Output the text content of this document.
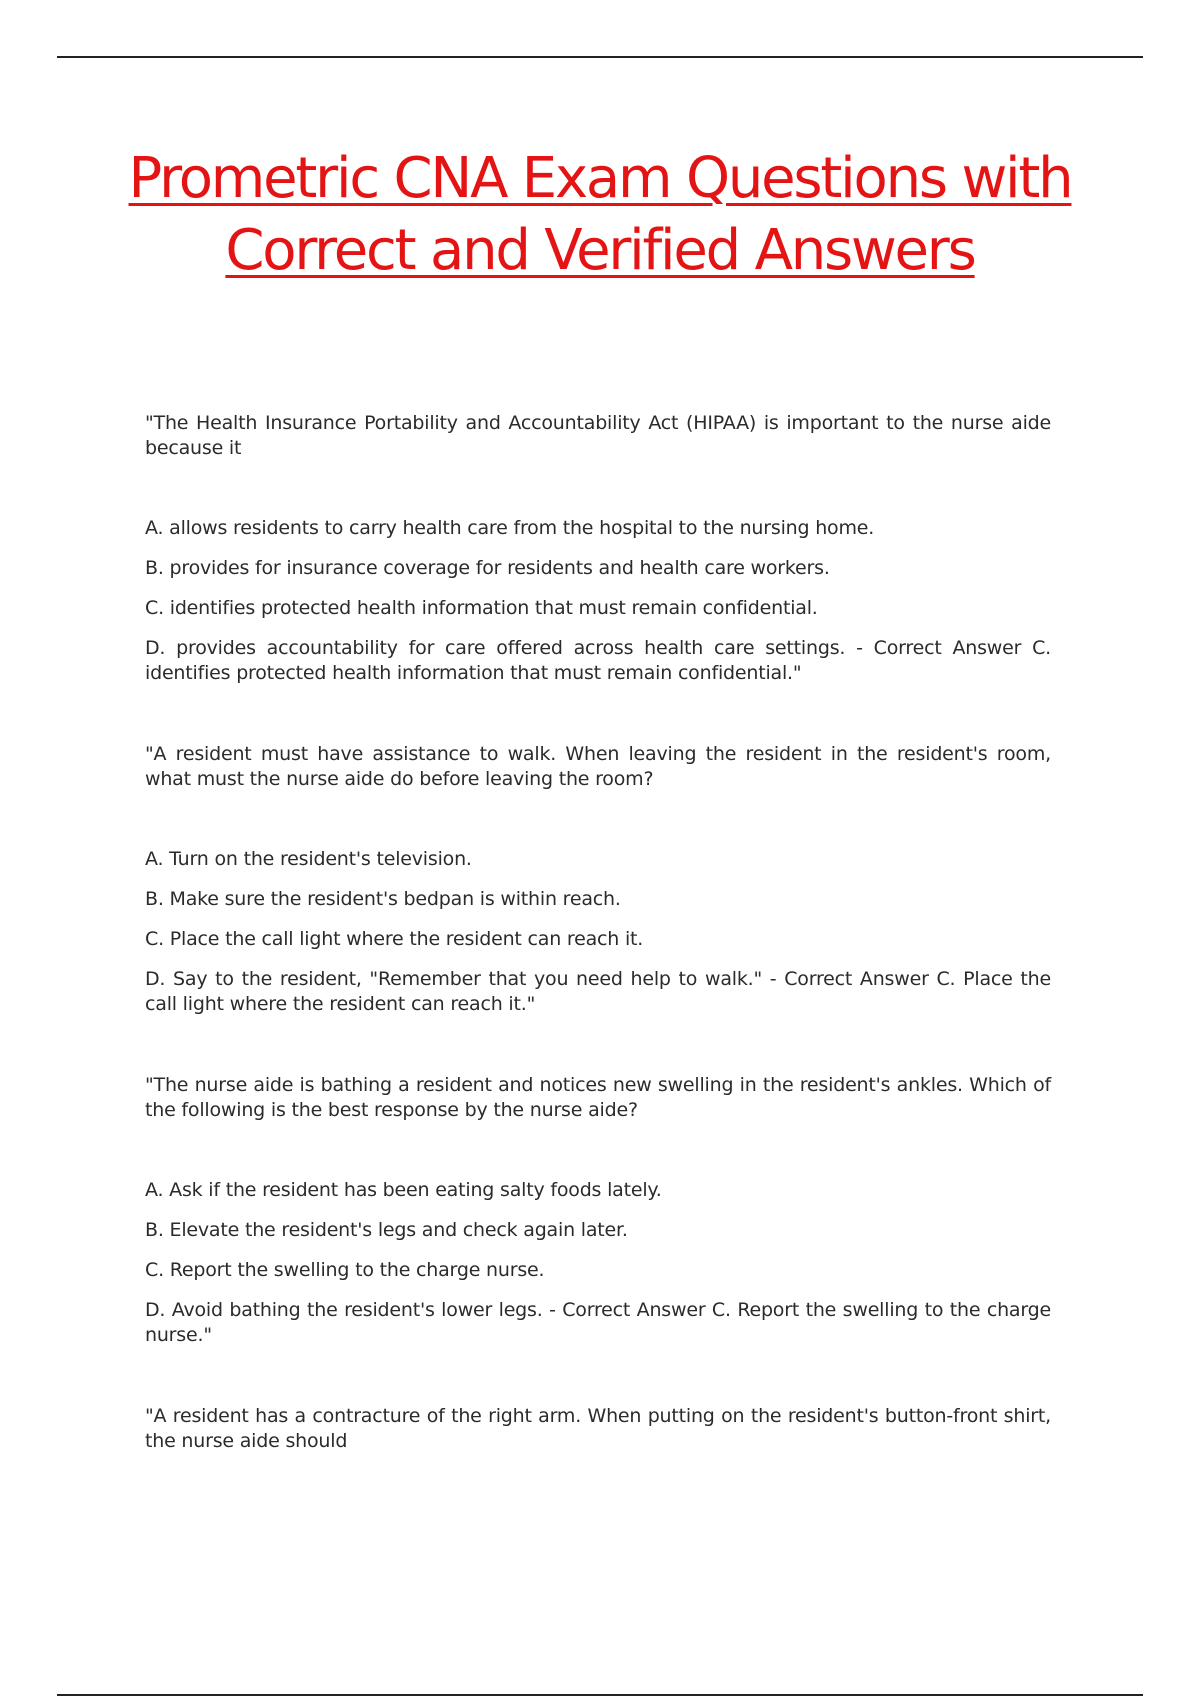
Prometric CNA Exam Questions with Correct and Verified Answers

"The Health Insurance Portability and Accountability Act (HIPAA) is important to the nurse aide because it

A. allows residents to carry health care from the hospital to the nursing home.

B. provides for insurance coverage for residents and health care workers.

C. identifies protected health information that must remain confidential.

D. provides accountability for care offered across health care settings. - Correct Answer C. identifies protected health information that must remain confidential."

"A resident must have assistance to walk. When leaving the resident in the resident's room, what must the nurse aide do before leaving the room?

A. Turn on the resident's television.

B. Make sure the resident's bedpan is within reach.

C. Place the call light where the resident can reach it.

D. Say to the resident, "Remember that you need help to walk." - Correct Answer C. Place the call light where the resident can reach it."

"The nurse aide is bathing a resident and notices new swelling in the resident's ankles. Which of the following is the best response by the nurse aide?

A. Ask if the resident has been eating salty foods lately.

B. Elevate the resident's legs and check again later.

C. Report the swelling to the charge nurse.

D. Avoid bathing the resident's lower legs. - Correct Answer C. Report the swelling to the charge nurse."

"A resident has a contracture of the right arm. When putting on the resident's button-front shirt, the nurse aide should
